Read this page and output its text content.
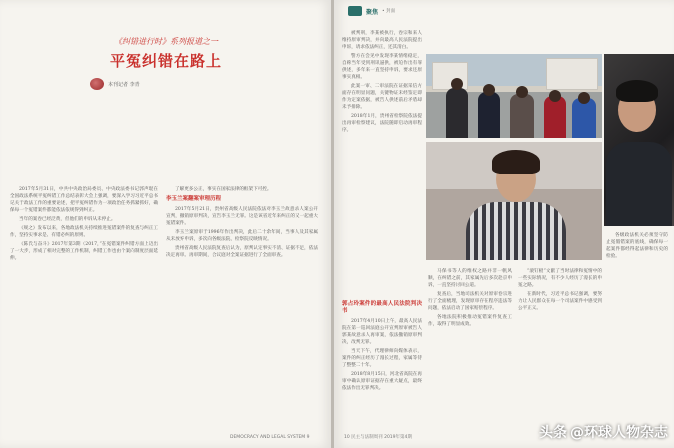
《纠错进行时》系列报道之一
平冤纠错在路上
本刊记者 李青

2017年5月31日，中共中央政治局委员、中央政法委书记郭声琨在全国政法系统平冤纠错工作总结表彰大会上强调，要深入学习习近平总书记关于政法工作的重要论述，把平冤纠错作为一项政治任务抓紧抓好，确保每一个冤错案件都能依法依规得到纠正。

当年的案卷已经泛黄，但他们的申诉从未停止。

《规之》发布以来，各地政法机关持续推进冤错案件的复查与纠正工作，坚持实事求是、有错必纠的原则。

《陈氏与奋斗》2017年第3期（2017，”在冤错案件纠错方面上迈出了一大步，形成了相对完整的工作机制，纠错工作也由个案向制度层面延伸。

了解更多公正，事实在国家法律的框架下可控。

李玉兰案翻案审理历程

2017年5月21日，贵州省高级人民法院依法对李玉兰故意杀人案公开宣判，撤销原审判决，宣告李玉兰无罪。这是该省近年来纠正的又一起重大冤错案件。

李玉兰案原审于1996年作出判决，此后二十余年间，当事人及其家属从未放弃申诉，多次向各级法院、检察院反映情况。

贵州省高级人民法院复查后认为，原判认定事实不清、证据不足，依法决定再审。再审期间，合议庭对全案证据进行了全面审查。

DEMOCRACY AND LEGAL SYSTEM 9
聚焦 • 封面

被判刑，李某被执行，卷宗和来人维持原审判决，并向最高人民法院提出申诉，请求依法纠正，还其清白。

警方在会见中发现李某情绪稳定，自称当年受到刑讯逼供，被迫作出有罪供述，多年来一直坚持申诉，要求还原事实真相。

此案一审、二审法院在证据采信方面存在明显问题，关键物证未经鉴定即作为定案依据，被告人供述前后矛盾却未予排除。

2018年1月，贵州省检察院依法提出再审检察建议，法院随即启动再审程序。

郭占玲案件的最高人民法院判决书

2017年4月10日上午，最高人民法院在第一巡回法庭公开宣判原审被告人郭某故意杀人再审案，依法撤销原审判决，改判无罪。

当天下午，代理律师向媒体表示，案件的纠正经历了漫长过程，家属等待了整整二十年。

2018年8月15日，河北省高院在再审中确认原审证据存在重大疑点，最终依法作出无罪判决。

马保书等人的维权之路并非一帆风顺，在纠错之前，其家属先后多次赴京申诉，一直坚持讨回公道。

复查后，当地司法机关对原审卷宗进行了全面梳理，发现原审存在程序违法等问题，依法启动了国家赔偿程序。

各地法院积极推动冤错案件复查工作，取得了明显成效。

“滚钉板”文献了当时法律和冤情中的一些实际情况，有不少人经历了漫长的申冤之路。

在新时代，习近平总书记强调，要努力让人民群众在每一个司法案件中感受到公平正义。

各级政法机关必须坚守防止冤假错案的底线，确保每一起案件都经得起法律和历史的检验。

10 民主与法制周刊 2019年第4期	头条 @环球人物杂志
